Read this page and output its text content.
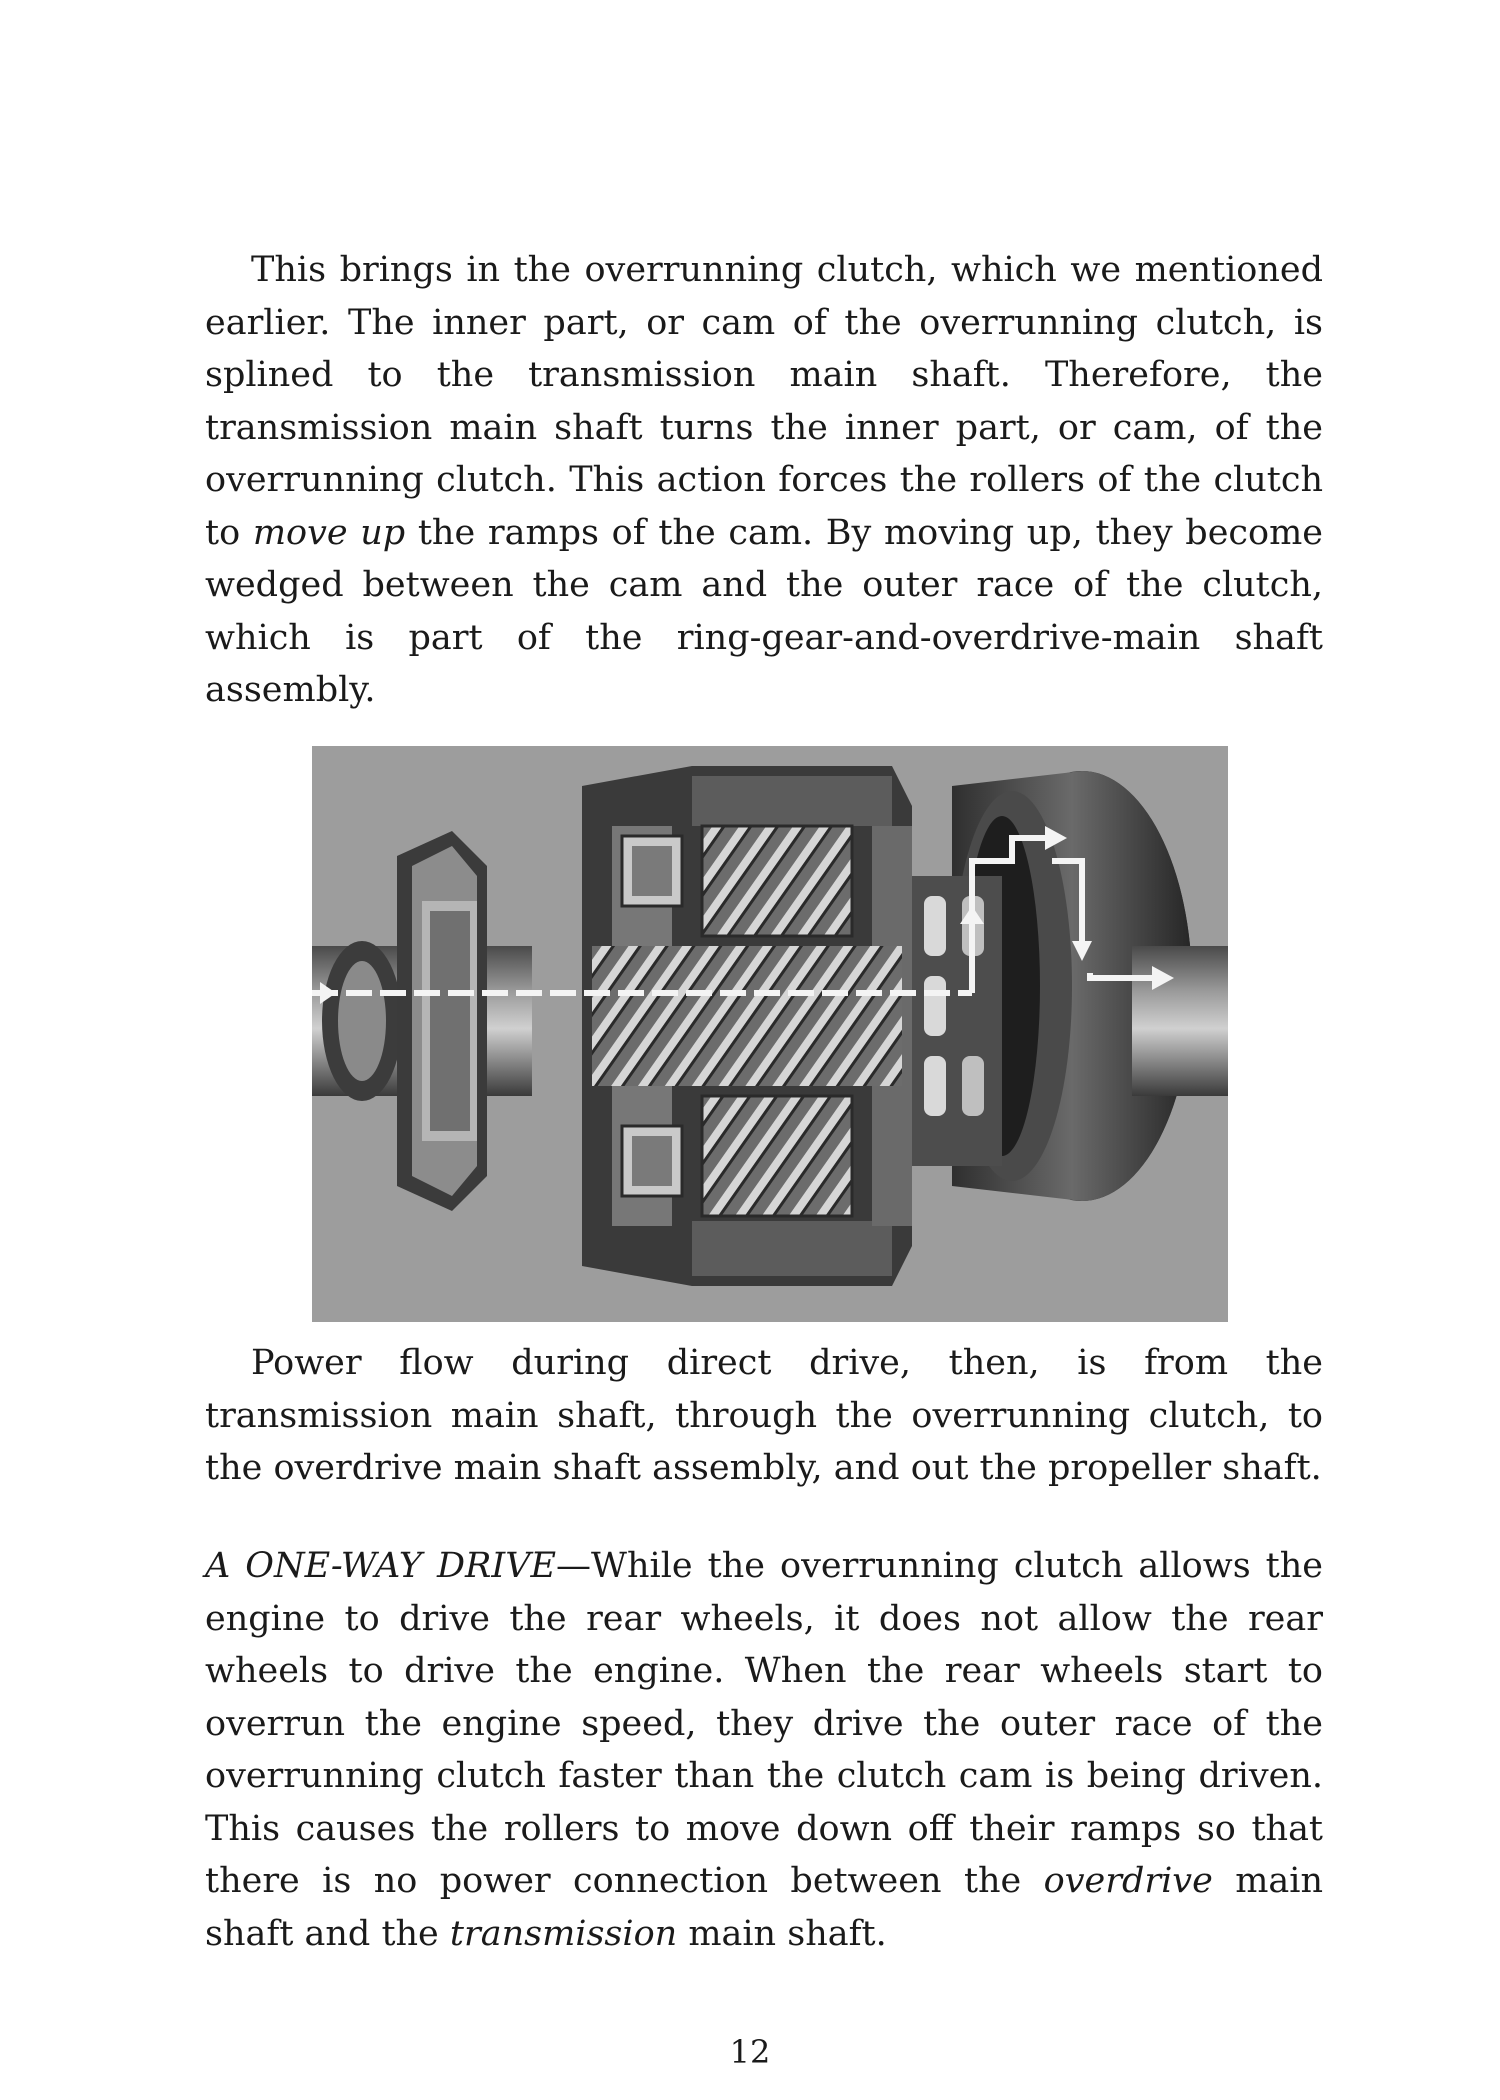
This brings in the overrunning clutch, which we mentioned earlier. The inner part, or cam of the overrunning clutch, is splined to the transmission main shaft. Therefore, the transmission main shaft turns the inner part, or cam, of the overrunning clutch. This action forces the rollers of the clutch to move up the ramps of the cam. By moving up, they become wedged between the cam and the outer race of the clutch, which is part of the ring-gear-and-overdrive-main shaft assembly.

Power flow during direct drive, then, is from the transmission main shaft, through the overrunning clutch, to the overdrive main shaft assembly, and out the propeller shaft.

A ONE-WAY DRIVE—While the overrunning clutch allows the engine to drive the rear wheels, it does not allow the rear wheels to drive the engine. When the rear wheels start to overrun the engine speed, they drive the outer race of the overrunning clutch faster than the clutch cam is being driven. This causes the rollers to move down off their ramps so that there is no power connection between the overdrive main shaft and the transmission main shaft.

12
